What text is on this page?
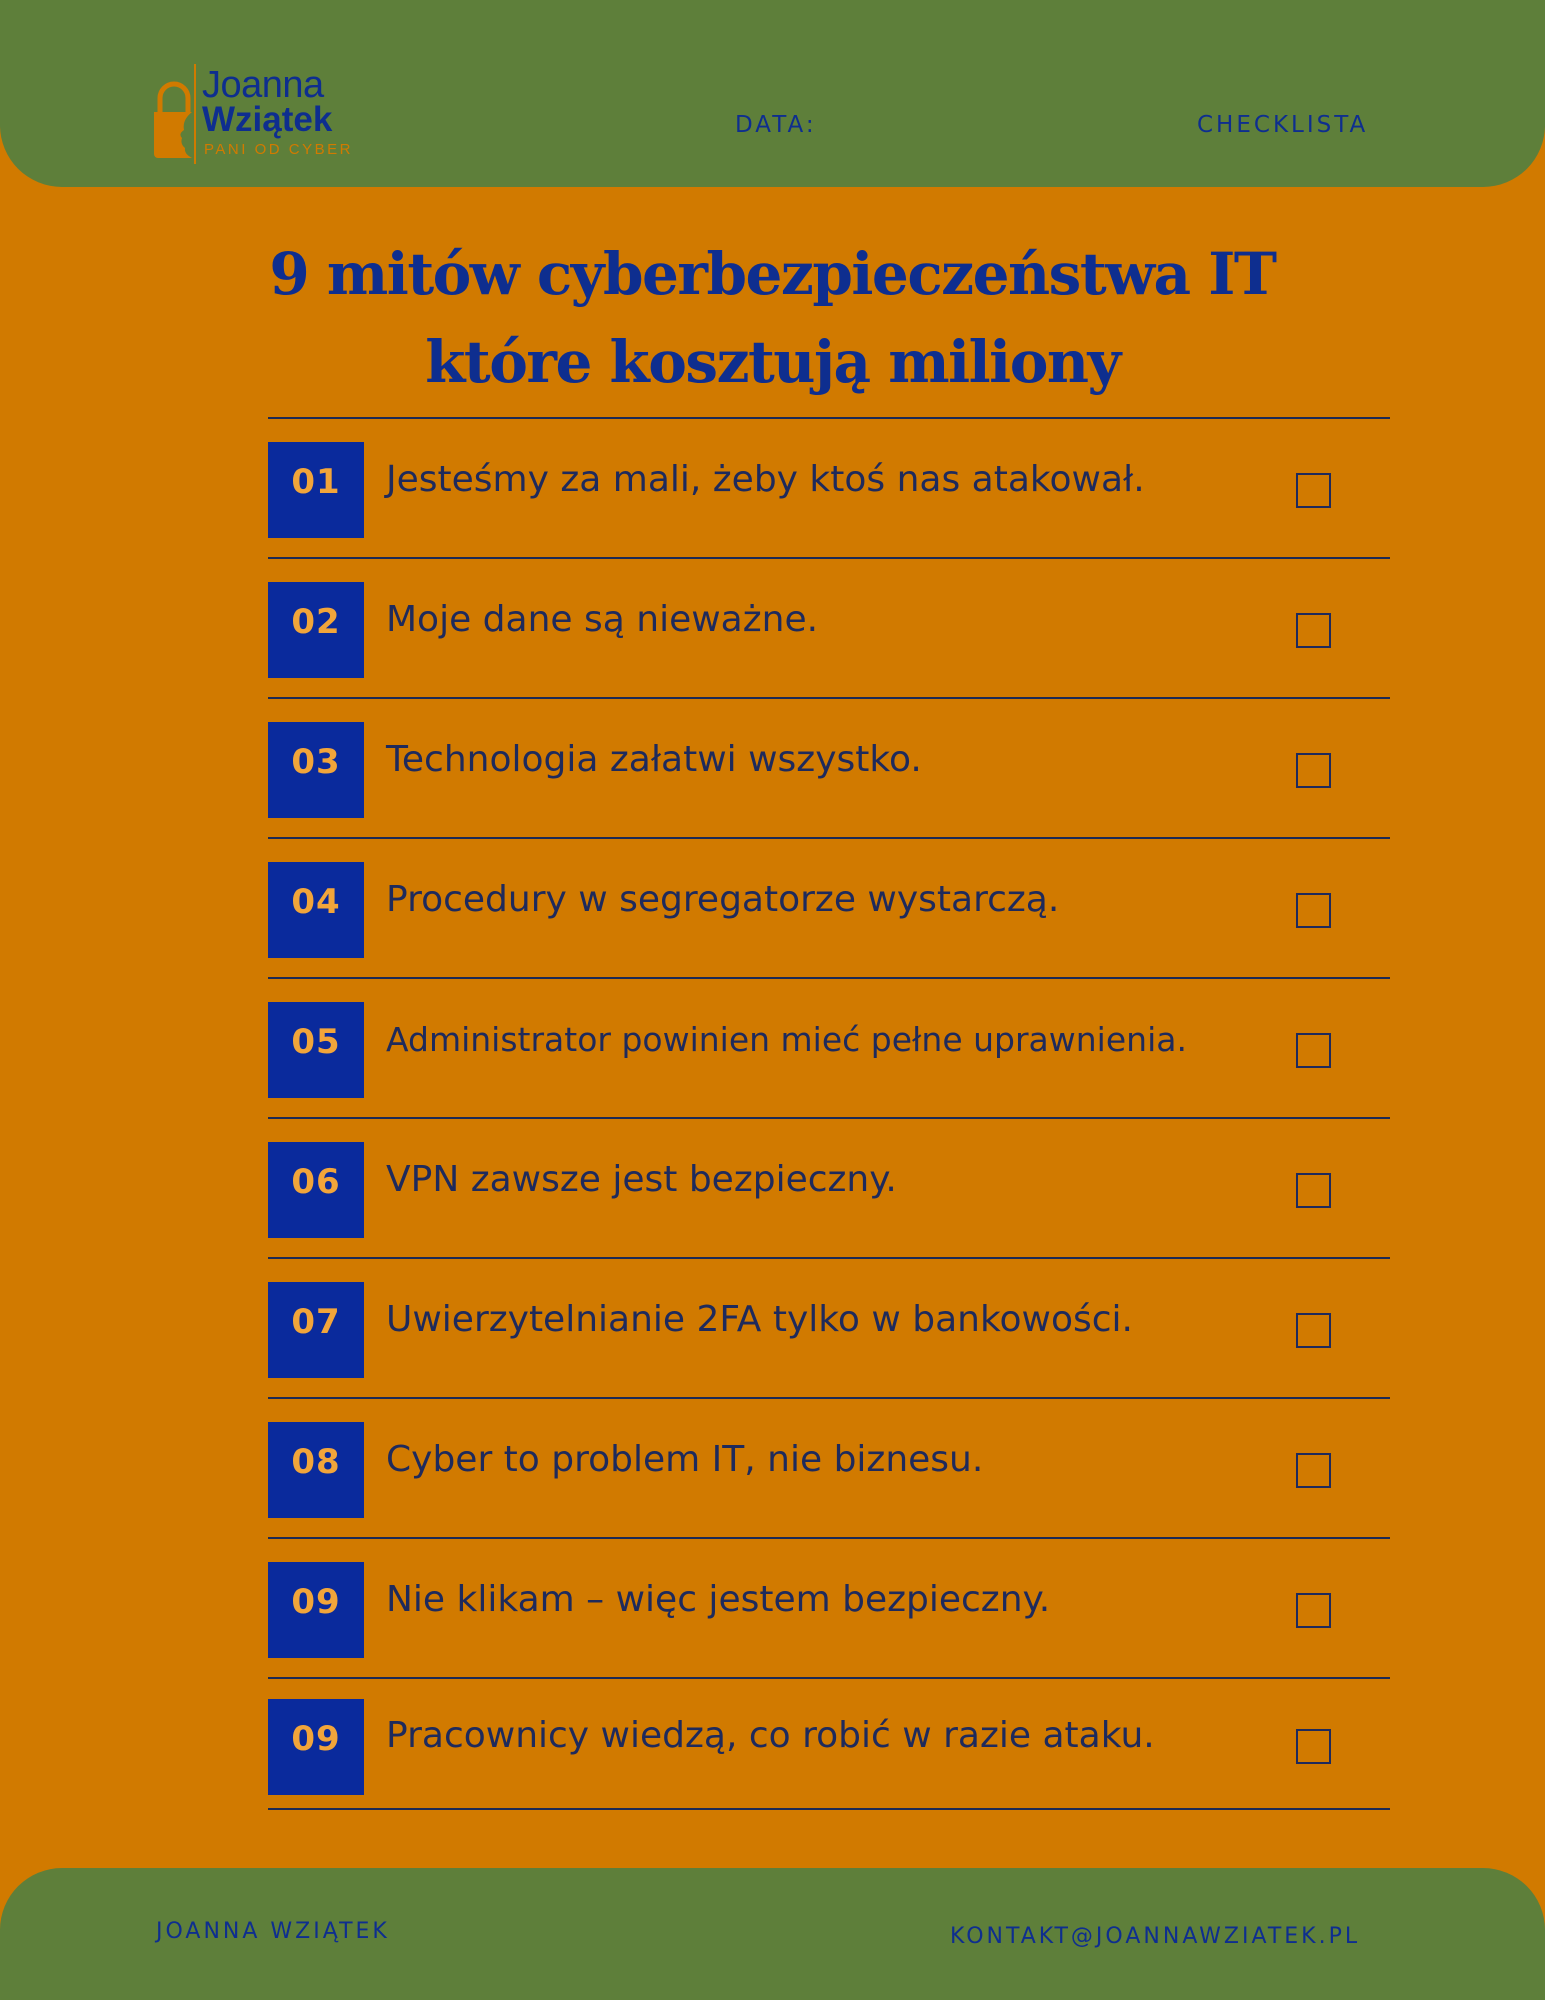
Joanna
Wziątek
PANI OD CYBER
DATA:	CHECKLISTA
9 mitów cyberbezpieczeństwa IT
które kosztują miliony
01	Jesteśmy za mali, żeby ktoś nas atakował.
02	Moje dane są nieważne.
03	Technologia załatwi wszystko.
04	Procedury w segregatorze wystarczą.
05	Administrator powinien mieć pełne uprawnienia.
06	VPN zawsze jest bezpieczny.
07	Uwierzytelnianie 2FA tylko w bankowości.
08	Cyber to problem IT, nie biznesu.
09	Nie klikam – więc jestem bezpieczny.
09	Pracownicy wiedzą, co robić w razie ataku.
JOANNA WZIĄTEK	KONTAKT@JOANNAWZIATEK.PL
